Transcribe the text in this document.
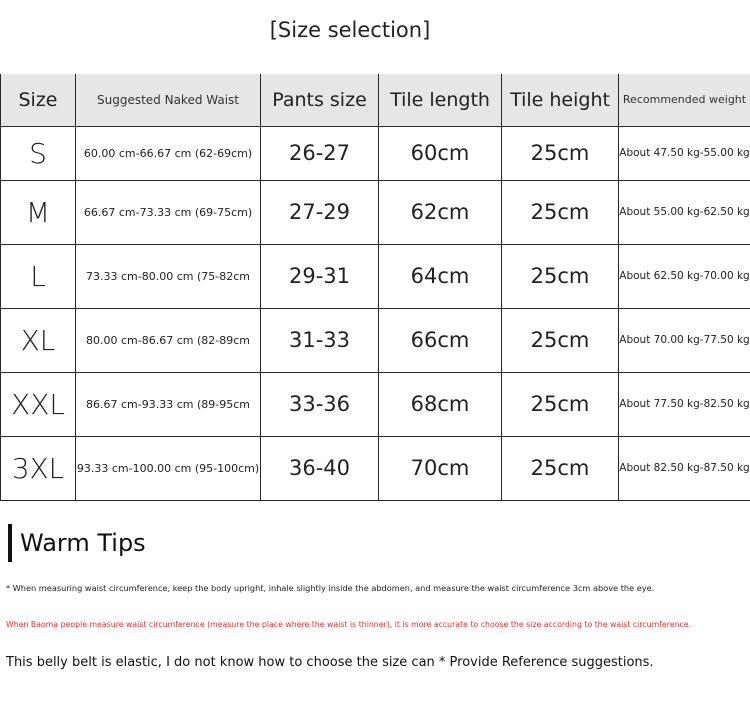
[Size selection]
Size	Suggested Naked Waist	Pants size	Tile length	Tile height	Recommended weight
S	60.00 cm-66.67 cm (62-69cm)	26-27	60cm	25cm	About 47.50 kg-55.00 kg
M	66.67 cm-73.33 cm (69-75cm)	27-29	62cm	25cm	About 55.00 kg-62.50 kg
L	73.33 cm-80.00 cm (75-82cm	29-31	64cm	25cm	About 62.50 kg-70.00 kg
XL	80.00 cm-86.67 cm (82-89cm	31-33	66cm	25cm	About 70.00 kg-77.50 kg
XXL	86.67 cm-93.33 cm (89-95cm	33-36	68cm	25cm	About 77.50 kg-82.50 kg
3XL	93.33 cm-100.00 cm (95-100cm)	36-40	70cm	25cm	About 82.50 kg-87.50 kg
Warm Tips
* When measuring waist circumference, keep the body upright, inhale slightly inside the abdomen, and measure the waist circumference 3cm above the eye.
When Baoma people measure waist circumference (measure the place where the waist is thinner), it is more accurate to choose the size according to the waist circumference.
This belly belt is elastic, I do not know how to choose the size can * Provide Reference suggestions.
